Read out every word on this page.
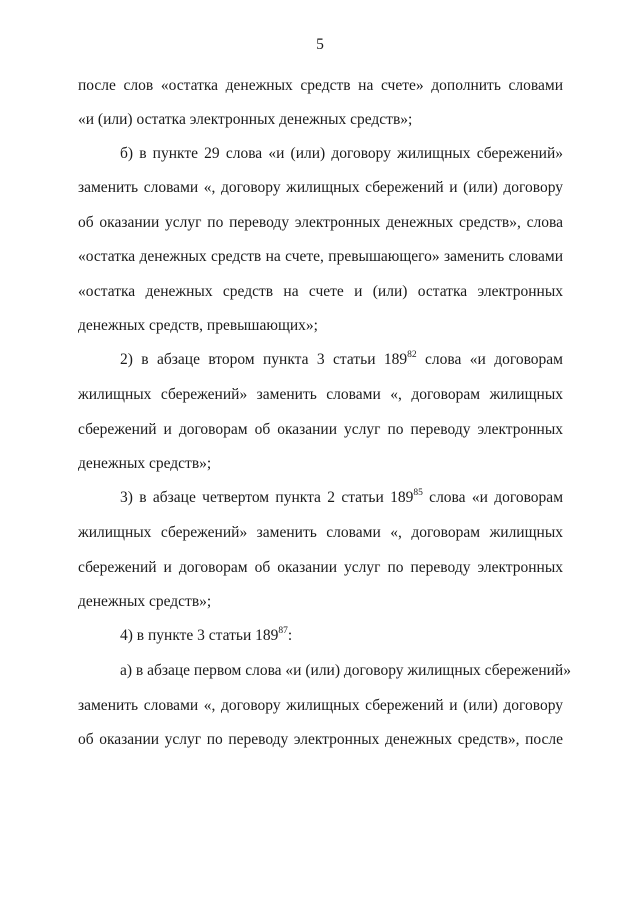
5
после слов «остатка денежных средств на счете» дополнить словами
«и (или) остатка электронных денежных средств»;
б) в пункте 29 слова «и (или) договору жилищных сбережений»
заменить словами «, договору жилищных сбережений и (или) договору
об оказании услуг по переводу электронных денежных средств», слова
«остатка денежных средств на счете, превышающего» заменить словами
«остатка денежных средств на счете и (или) остатка электронных
денежных средств, превышающих»;
2) в абзаце втором пункта 3 статьи $189^{82}$ слова «и договорам
жилищных сбережений» заменить словами «, договорам жилищных
сбережений и договорам об оказании услуг по переводу электронных
денежных средств»;
3) в абзаце четвертом пункта 2 статьи $189^{85}$ слова «и договорам
жилищных сбережений» заменить словами «, договорам жилищных
сбережений и договорам об оказании услуг по переводу электронных
денежных средств»;
4) в пункте 3 статьи $189^{87}$:
а) в абзаце первом слова «и (или) договору жилищных сбережений»
заменить словами «, договору жилищных сбережений и (или) договору
об оказании услуг по переводу электронных денежных средств», после
